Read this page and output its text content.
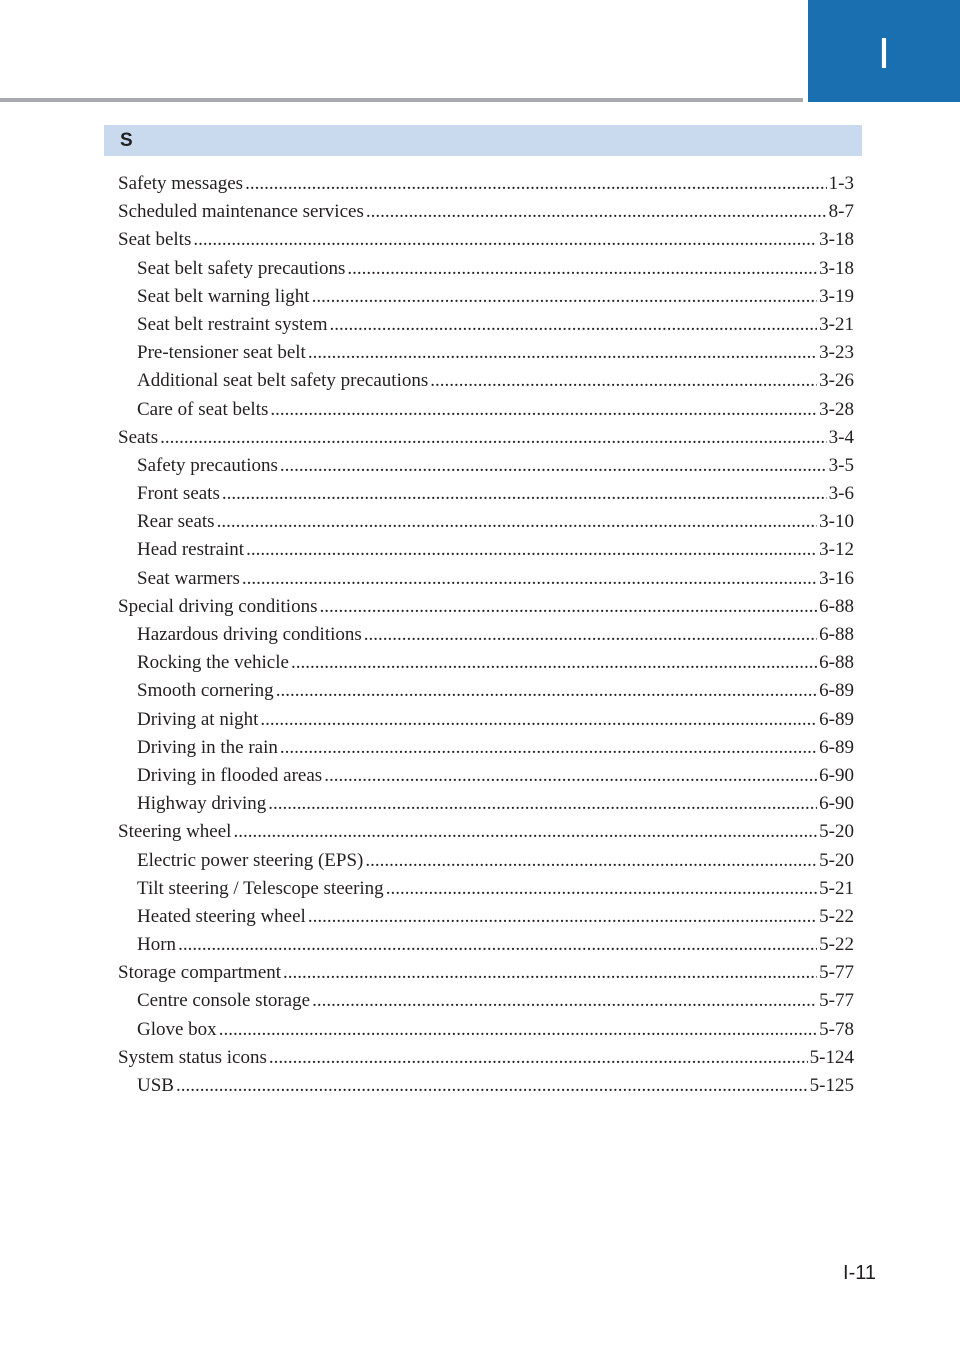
I
S
Safety messages .....	1-3
Scheduled maintenance services .....	8-7
Seat belts .....	3-18
Seat belt safety precautions .....	3-18
Seat belt warning light .....	3-19
Seat belt restraint system .....	3-21
Pre-tensioner seat belt .....	3-23
Additional seat belt safety precautions .....	3-26
Care of seat belts .....	3-28
Seats .....	3-4
Safety precautions .....	3-5
Front seats .....	3-6
Rear seats .....	3-10
Head restraint .....	3-12
Seat warmers .....	3-16
Special driving conditions .....	6-88
Hazardous driving conditions .....	6-88
Rocking the vehicle .....	6-88
Smooth cornering .....	6-89
Driving at night .....	6-89
Driving in the rain .....	6-89
Driving in flooded areas .....	6-90
Highway driving .....	6-90
Steering wheel .....	5-20
Electric power steering (EPS) .....	5-20
Tilt steering / Telescope steering .....	5-21
Heated steering wheel .....	5-22
Horn .....	5-22
Storage compartment .....	5-77
Centre console storage .....	5-77
Glove box .....	5-78
System status icons .....	5-124
USB .....	5-125
I-11
